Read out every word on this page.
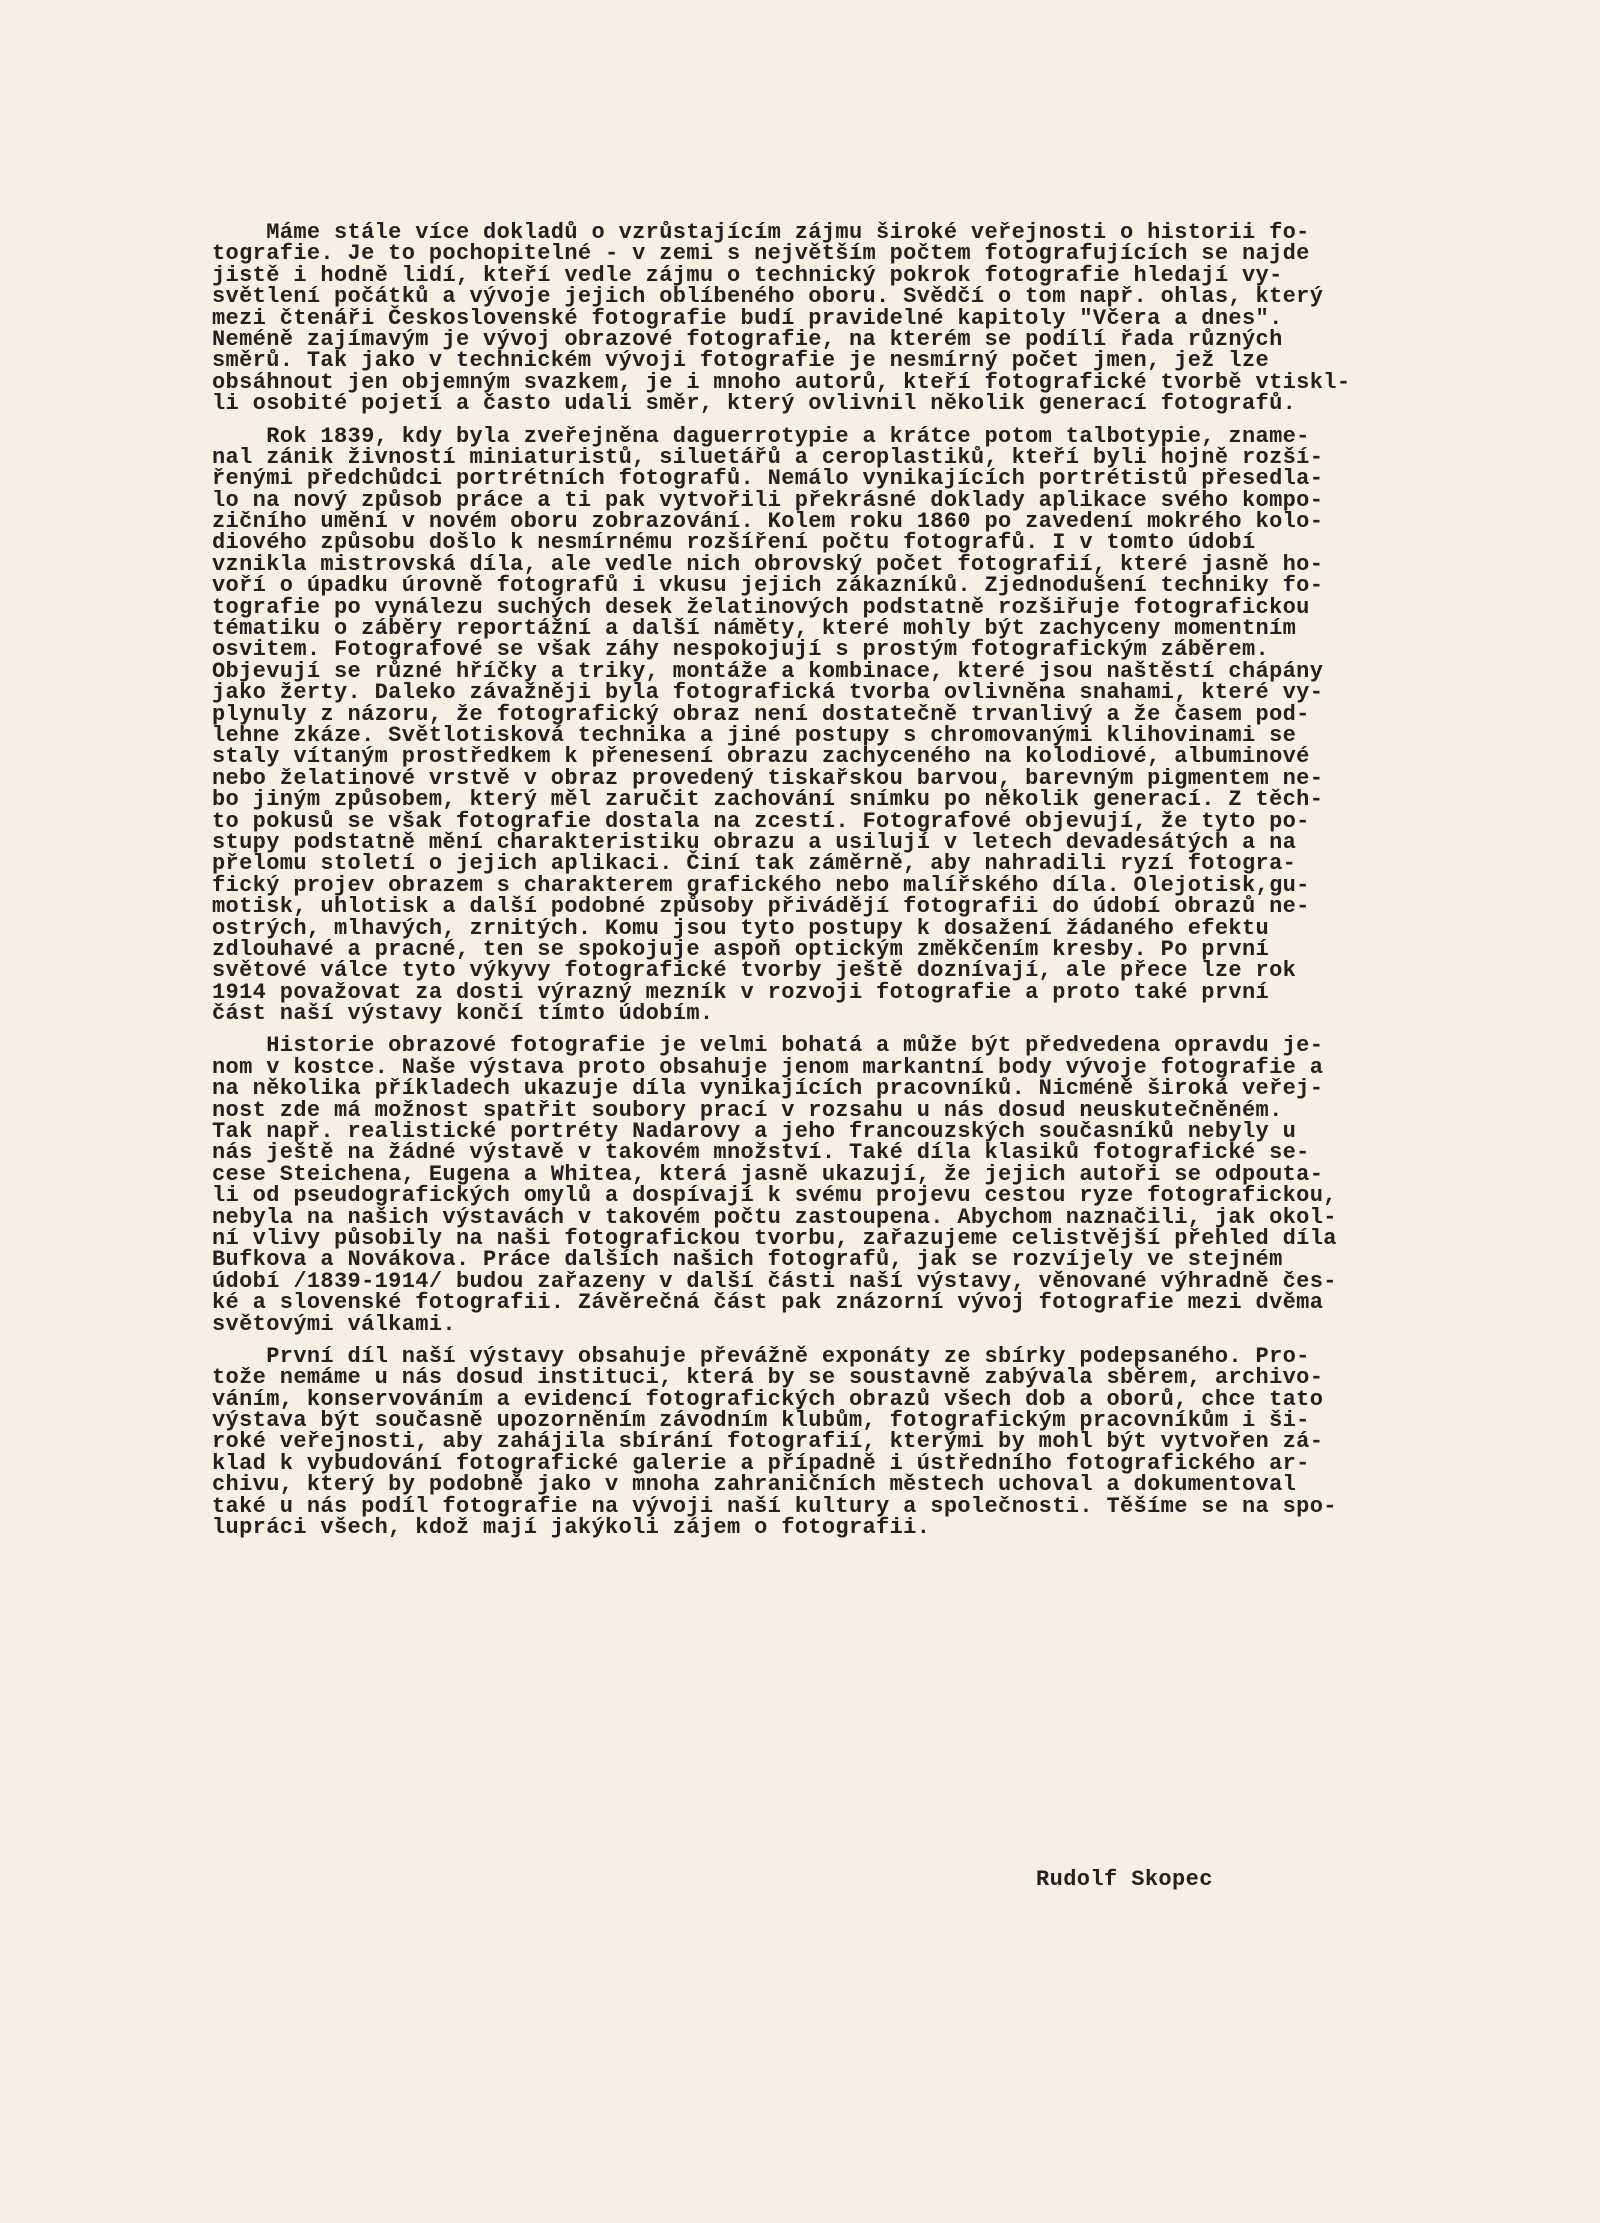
Máme stále více dokladů o vzrůstajícím zájmu široké veřejnosti o historii fo-
tografie. Je to pochopitelné - v zemi s největším počtem fotografujících se najde
jistě i hodně lidí, kteří vedle zájmu o technický pokrok fotografie hledají vy-
světlení počátků a vývoje jejich oblíbeného oboru. Svědčí o tom např. ohlas, který
mezi čtenáři Československé fotografie budí pravidelné kapitoly "Včera a dnes".
Neméně zajímavým je vývoj obrazové fotografie, na kterém se podílí řada různých
směrů. Tak jako v technickém vývoji fotografie je nesmírný počet jmen, jež lze
obsáhnout jen objemným svazkem, je i mnoho autorů, kteří fotografické tvorbě vtiskl-
li osobité pojetí a často udali směr, který ovlivnil několik generací fotografů.
Rok 1839, kdy byla zveřejněna daguerrotypie a krátce potom talbotypie, zname-
nal zánik živností miniaturistů, siluetářů a ceroplastiků, kteří byli hojně rozší-
řenými předchůdci portrétních fotografů. Nemálo vynikajících portrétistů přesedla-
lo na nový způsob práce a ti pak vytvořili překrásné doklady aplikace svého kompo-
zičního umění v novém oboru zobrazování. Kolem roku 1860 po zavedení mokrého kolo-
diového způsobu došlo k nesmírnému rozšíření počtu fotografů. I v tomto údobí
vznikla mistrovská díla, ale vedle nich obrovský počet fotografií, které jasně ho-
voří o úpadku úrovně fotografů i vkusu jejich zákazníků. Zjednodušení techniky fo-
tografie po vynálezu suchých desek želatinových podstatně rozšiřuje fotografickou
tématiku o záběry reportážní a další náměty, které mohly být zachyceny momentním
osvitem. Fotografové se však záhy nespokojují s prostým fotografickým záběrem.
Objevují se různé hříčky a triky, montáže a kombinace, které jsou naštěstí chápány
jako žerty. Daleko závažněji byla fotografická tvorba ovlivněna snahami, které vy-
plynuly z názoru, že fotografický obraz není dostatečně trvanlivý a že časem pod-
lehne zkáze. Světlotisková technika a jiné postupy s chromovanými klihovinami se
staly vítaným prostředkem k přenesení obrazu zachyceného na kolodiové, albuminové
nebo želatinové vrstvě v obraz provedený tiskařskou barvou, barevným pigmentem ne-
bo jiným způsobem, který měl zaručit zachování snímku po několik generací. Z těch-
to pokusů se však fotografie dostala na zcestí. Fotografové objevují, že tyto po-
stupy podstatně mění charakteristiku obrazu a usilují v letech devadesátých a na
přelomu století o jejich aplikaci. Činí tak záměrně, aby nahradili ryzí fotogra-
fický projev obrazem s charakterem grafického nebo malířského díla. Olejotisk,gu-
motisk, uhlotisk a další podobné způsoby přivádějí fotografii do údobí obrazů ne-
ostrých, mlhavých, zrnitých. Komu jsou tyto postupy k dosažení žádaného efektu
zdlouhavé a pracné, ten se spokojuje aspoň optickým změkčením kresby. Po první
světové válce tyto výkyvy fotografické tvorby ještě doznívají, ale přece lze rok
1914 považovat za dosti výrazný mezník v rozvoji fotografie a proto také první
část naší výstavy končí tímto údobím.
Historie obrazové fotografie je velmi bohatá a může být předvedena opravdu je-
nom v kostce. Naše výstava proto obsahuje jenom markantní body vývoje fotografie a
na několika příkladech ukazuje díla vynikajících pracovníků. Nicméně široká veřej-
nost zde má možnost spatřit soubory prací v rozsahu u nás dosud neuskutečněném.
Tak např. realistické portréty Nadarovy a jeho francouzských současníků nebyly u
nás ještě na žádné výstavě v takovém množství. Také díla klasiků fotografické se-
cese Steichena, Eugena a Whitea, která jasně ukazují, že jejich autoři se odpouta-
li od pseudografických omylů a dospívají k svému projevu cestou ryze fotografickou,
nebyla na našich výstavách v takovém počtu zastoupena. Abychom naznačili, jak okol-
ní vlivy působily na naši fotografickou tvorbu, zařazujeme celistvější přehled díla
Bufkova a Novákova. Práce dalších našich fotografů, jak se rozvíjely ve stejném
údobí /1839-1914/ budou zařazeny v další části naší výstavy, věnované výhradně čes-
ké a slovenské fotografii. Závěrečná část pak znázorní vývoj fotografie mezi dvěma
světovými válkami.
První díl naší výstavy obsahuje převážně exponáty ze sbírky podepsaného. Pro-
tože nemáme u nás dosud instituci, která by se soustavně zabývala sběrem, archivo-
váním, konservováním a evidencí fotografických obrazů všech dob a oborů, chce tato
výstava být současně upozorněním závodním klubům, fotografickým pracovníkům i ši-
roké veřejnosti, aby zahájila sbírání fotografií, kterými by mohl být vytvořen zá-
klad k vybudování fotografické galerie a případně i ústředního fotografického ar-
chivu, který by podobně jako v mnoha zahraničních městech uchoval a dokumentoval
také u nás podíl fotografie na vývoji naší kultury a společnosti. Těšíme se na spo-
lupráci všech, kdož mají jakýkoli zájem o fotografii.
Rudolf Skopec
